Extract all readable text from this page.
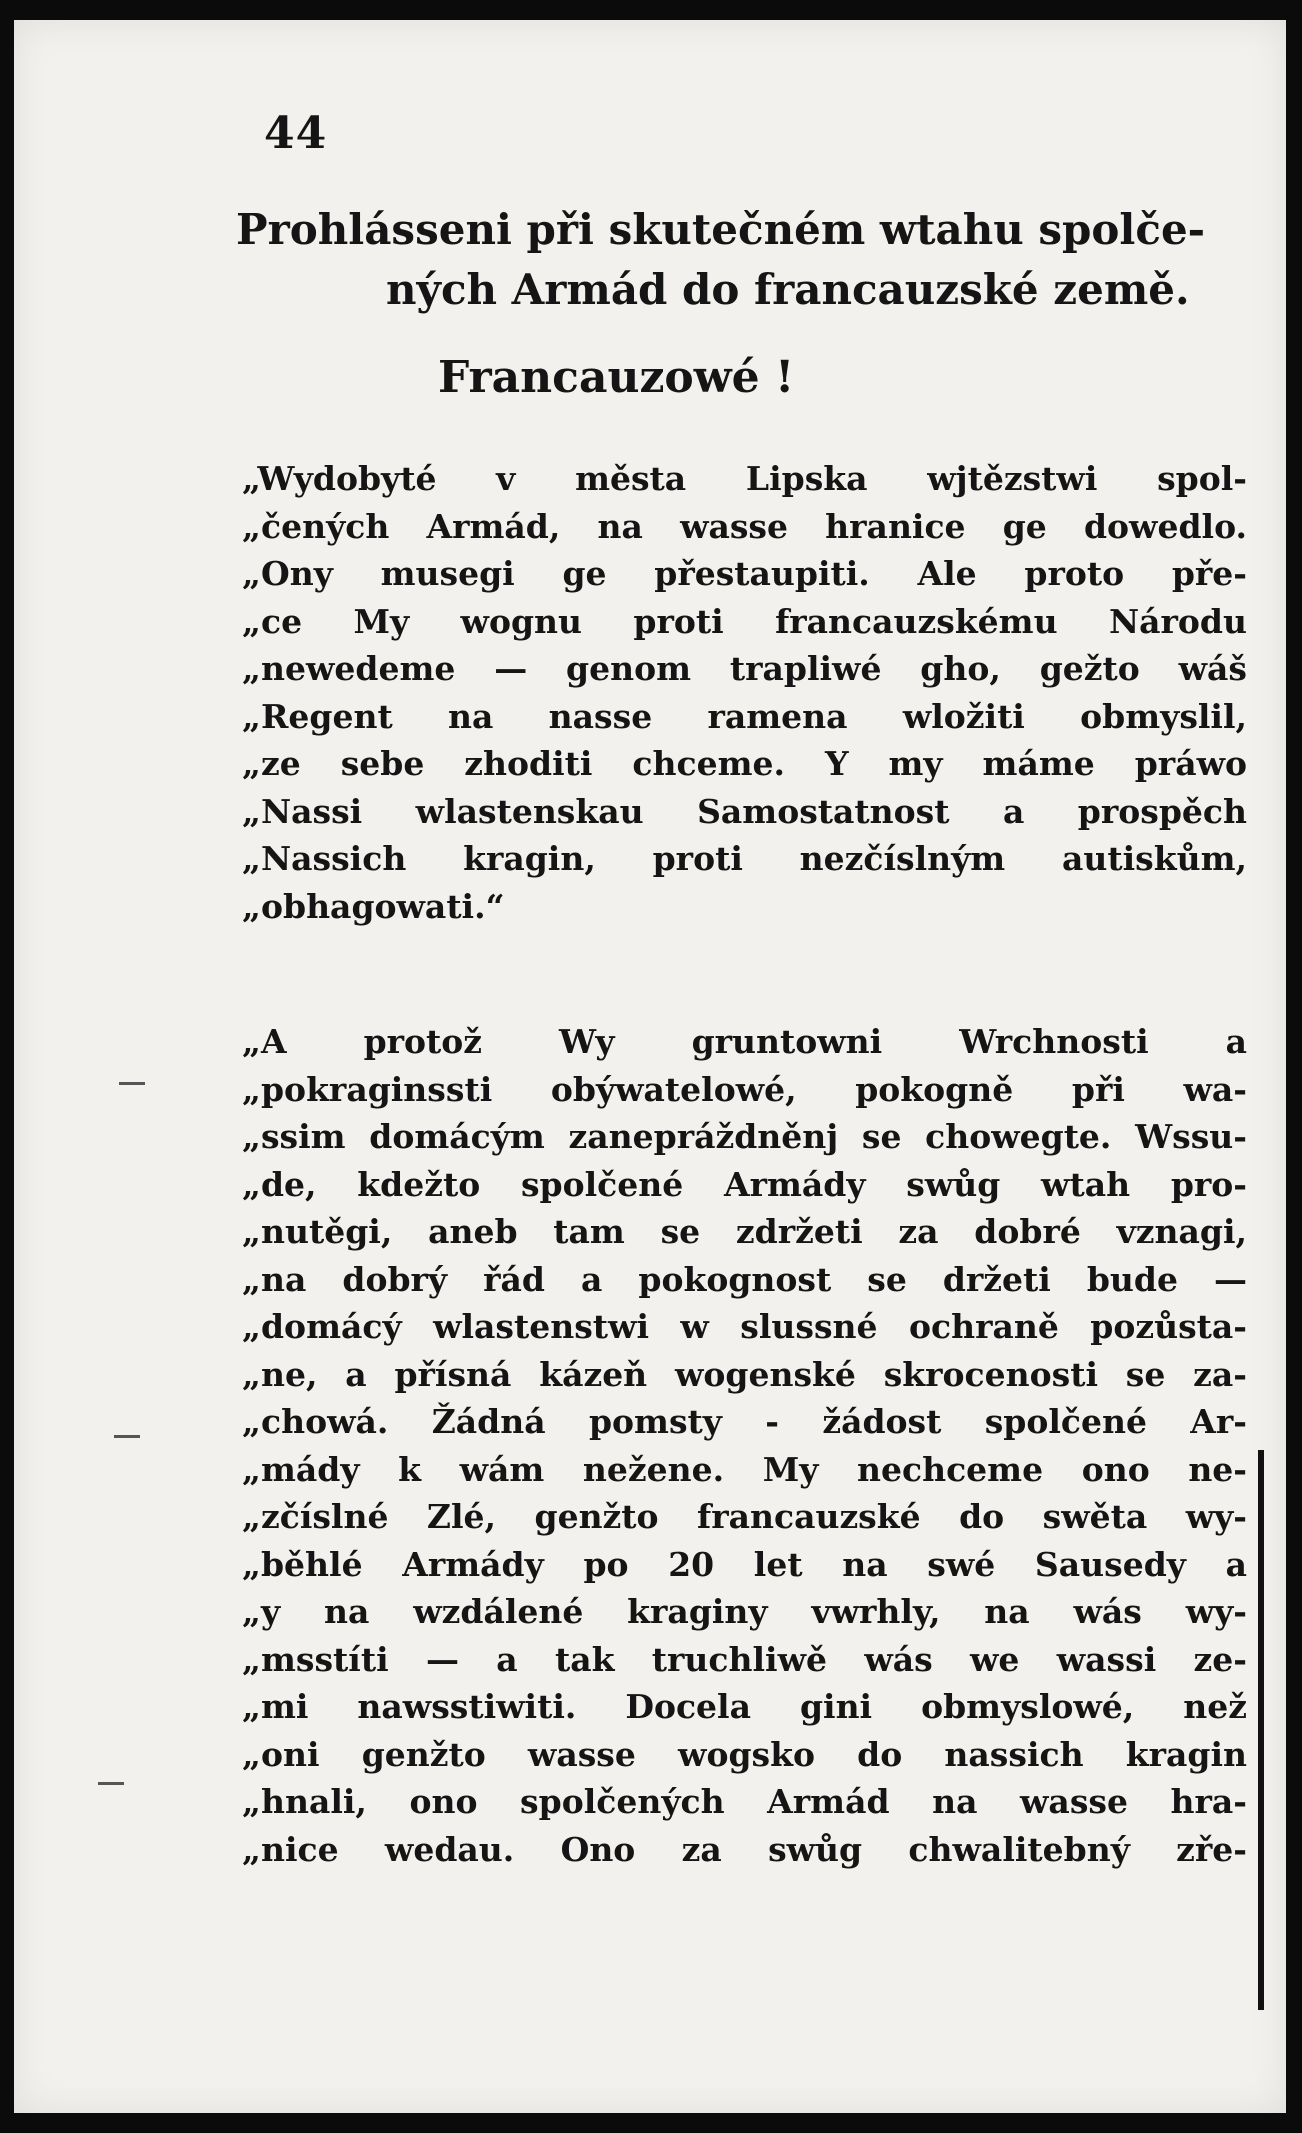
44
Prohlásseni při skutečném wtahu spolče-
ných Armád do francauzské země.
Francauzowé !
„Wydobyté v města Lipska wjtězstwi spol-
„čených Armád, na wasse hranice ge dowedlo.
„Ony musegi ge přestaupiti. Ale proto pře-
„ce My wognu proti francauzskému Národu
„newedeme — genom trapliwé gho, gežto wáš
„Regent na nasse ramena wložiti obmyslil,
„ze sebe zhoditi chceme. Y my máme práwo
„Nassi wlastenskau Samostatnost a prospěch
„Nassich kragin, proti nezčíslným autiskům,
„obhagowati.“
„A protož Wy gruntowni Wrchnosti a
„pokraginssti obýwatelowé, pokogně při wa-
„ssim domácým zanepráždněnj se chowegte. Wssu-
„de, kdežto spolčené Armády swůg wtah pro-
„nutěgi, aneb tam se zdržeti za dobré vznagi,
„na dobrý řád a pokognost se držeti bude —
„domácý wlastenstwi w slussné ochraně pozůsta-
„ne, a přísná kázeň wogenské skrocenosti se za-
„chowá. Žádná pomsty - žádost spolčené Ar-
„mády k wám nežene. My nechceme ono ne-
„zčíslné Zlé, genžto francauzské do swěta wy-
„běhlé Armády po 20 let na swé Sausedy a
„y na wzdálené kraginy vwrhly, na wás wy-
„msstíti — a tak truchliwě wás we wassi ze-
„mi nawsstiwiti. Docela gini obmyslowé, než
„oni genžto wasse wogsko do nassich kragin
„hnali, ono spolčených Armád na wasse hra-
„nice wedau. Ono za swůg chwalitebný zře-
